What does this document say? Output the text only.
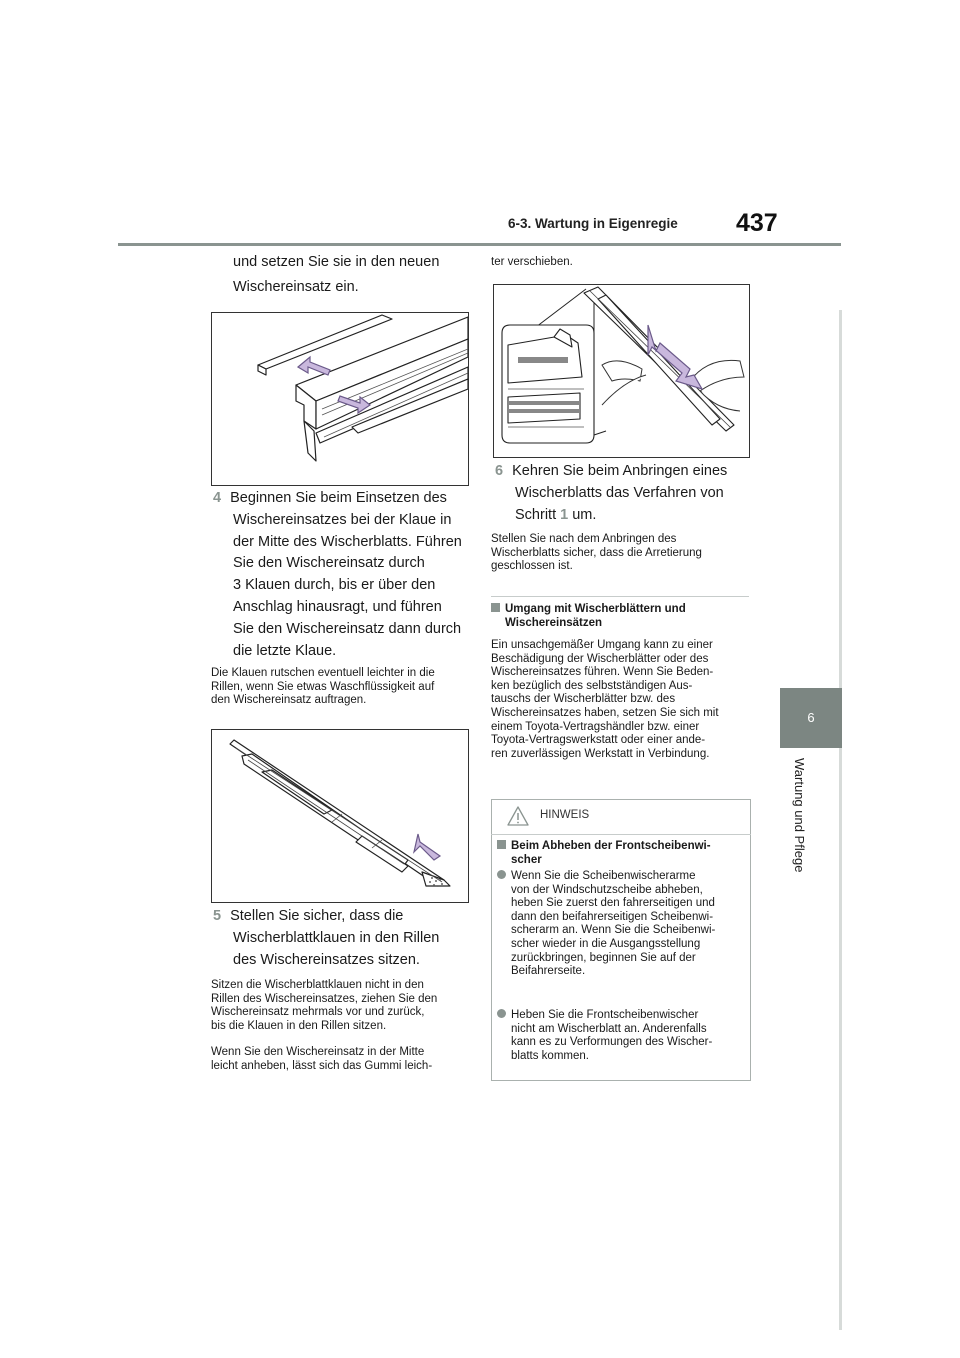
6-3. Wartung in Eigenregie 437
6
Wartung und Pflege

und setzen Sie sie in den neuen

Wischereinsatz ein.

4 Beginnen Sie beim Einsetzen des

Wischereinsatzes bei der Klaue in

der Mitte des Wischerblatts. Führen

Sie den Wischereinsatz durch

3 Klauen durch, bis er über den

Anschlag hinausragt, und führen

Sie den Wischereinsatz dann durch

die letzte Klaue.

Die Klauen rutschen eventuell leichter in die

Rillen, wenn Sie etwas Waschflüssigkeit auf

den Wischereinsatz auftragen.

5 Stellen Sie sicher, dass die

Wischerblattklauen in den Rillen

des Wischereinsatzes sitzen.

Sitzen die Wischerblattklauen nicht in den

Rillen des Wischereinsatzes, ziehen Sie den

Wischereinsatz mehrmals vor und zurück,

bis die Klauen in den Rillen sitzen.

Wenn Sie den Wischereinsatz in der Mitte

leicht anheben, lässt sich das Gummi leich-

ter verschieben.

6 Kehren Sie beim Anbringen eines

Wischerblatts das Verfahren von

Schritt 1 um.

Stellen Sie nach dem Anbringen des

Wischerblatts sicher, dass die Arretierung

geschlossen ist.

Umgang mit Wischerblättern und

Wischereinsätzen

Ein unsachgemäßer Umgang kann zu einer

Beschädigung der Wischerblätter oder des

Wischereinsatzes führen. Wenn Sie Beden-

ken bezüglich des selbstständigen Aus-

tauschs der Wischerblätter bzw. des

Wischereinsatzes haben, setzen Sie sich mit

einem Toyota-Vertragshändler bzw. einer

Toyota-Vertragswerkstatt oder einer ande-

ren zuverlässigen Werkstatt in Verbindung.

HINWEIS

Beim Abheben der Frontscheibenwi-

scher

Wenn Sie die Scheibenwischerarme

von der Windschutzscheibe abheben,

heben Sie zuerst den fahrerseitigen und

dann den beifahrerseitigen Scheibenwi-

scherarm an. Wenn Sie die Scheibenwi-

scher wieder in die Ausgangsstellung

zurückbringen, beginnen Sie auf der

Beifahrerseite.

Heben Sie die Frontscheibenwischer

nicht am Wischerblatt an. Anderenfalls

kann es zu Verformungen des Wischer-

blatts kommen.
